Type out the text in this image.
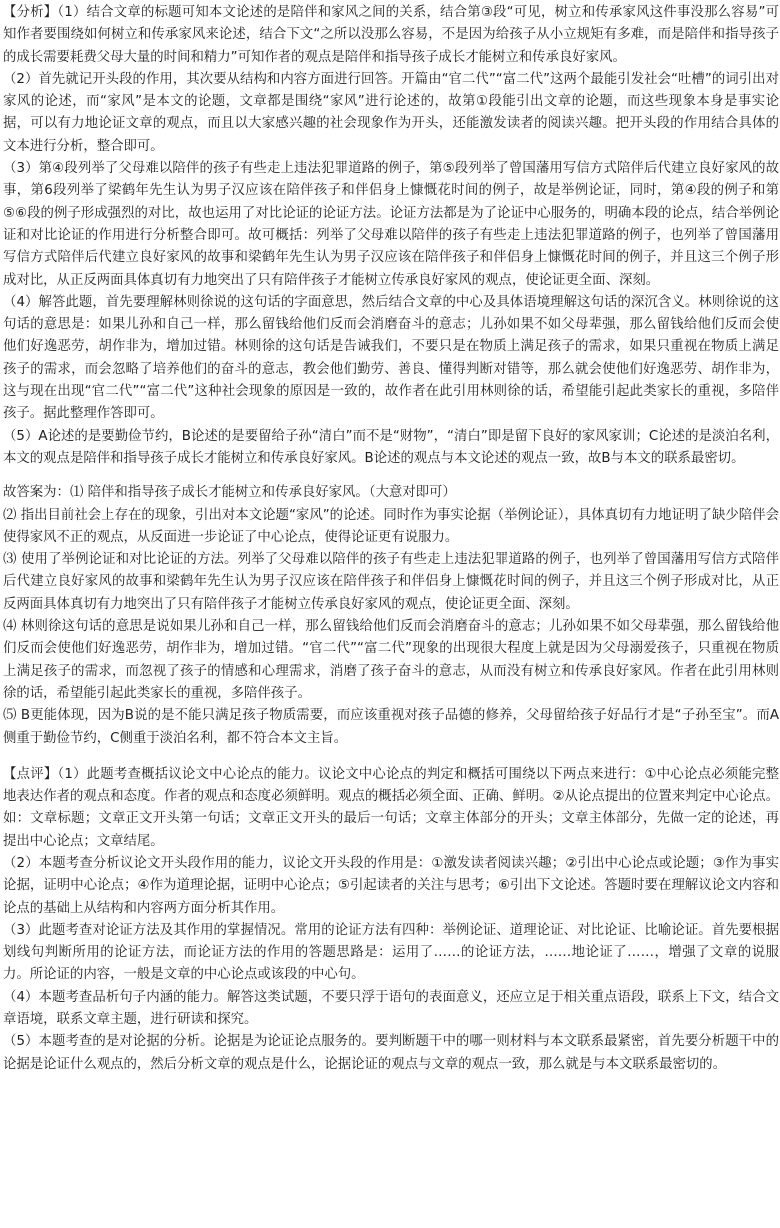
【分析】（1）结合文章的标题可知本文论述的是陪伴和家风之间的关系，结合第③段“可见，树立和传承家风这件事没那么容易”可知作者要围绕如何树立和传承家风来论述，结合下文“之所以没那么容易，不是因为给孩子从小立规矩有多难，而是陪伴和指导孩子的成长需要耗费父母大量的时间和精力”可知作者的观点是陪伴和指导孩子成长才能树立和传承良好家风。

（2）首先就记开头段的作用，其次要从结构和内容方面进行回答。开篇由“官二代”“富二代”这两个最能引发社会“吐槽”的词引出对家风的论述，而“家风”是本文的论题，文章都是围绕“家风”进行论述的，故第①段能引出文章的论题，而这些现象本身是事实论据，可以有力地论证文章的观点，而且以大家感兴趣的社会现象作为开头，还能激发读者的阅读兴趣。把开头段的作用结合具体的文本进行分析，整合即可。

（3）第④段列举了父母难以陪伴的孩子有些走上违法犯罪道路的例子，第⑤段列举了曾国藩用写信方式陪伴后代建立良好家风的故事，第6段列举了梁鹤年先生认为男子汉应该在陪伴孩子和伴侣身上慷慨花时间的例子，故是举例论证，同时，第④段的例子和第⑤⑥段的例子形成强烈的对比，故也运用了对比论证的论证方法。论证方法都是为了论证中心服务的，明确本段的论点，结合举例论证和对比论证的作用进行分析整合即可。故可概括：列举了父母难以陪伴的孩子有些走上违法犯罪道路的例子，也列举了曾国藩用写信方式陪伴后代建立良好家风的故事和梁鹤年先生认为男子汉应该在陪伴孩子和伴侣身上慷慨花时间的例子，并且这三个例子形成对比，从正反两面具体真切有力地突出了只有陪伴孩子才能树立传承良好家风的观点，使论证更全面、深刻。

（4）解答此题，首先要理解林则徐说的这句话的字面意思，然后结合文章的中心及具体语境理解这句话的深沉含义。林则徐说的这句话的意思是：如果儿孙和自己一样，那么留钱给他们反而会消磨奋斗的意志；儿孙如果不如父母辈强，那么留钱给他们反而会使他们好逸恶劳，胡作非为，增加过错。林则徐的这句话是告诫我们，不要只是在物质上满足孩子的需求，如果只重视在物质上满足孩子的需求，而会忽略了培养他们的奋斗的意志，教会他们勤劳、善良、懂得判断对错等，那么就会使他们好逸恶劳、胡作非为，这与现在出现“官二代”“富二代”这种社会现象的原因是一致的，故作者在此引用林则徐的话，希望能引起此类家长的重视，多陪伴孩子。据此整理作答即可。

（5）A论述的是要勤俭节约，B论述的是要留给子孙“清白”而不是“财物”，“清白”即是留下良好的家风家训；C论述的是淡泊名利，本文的观点是陪伴和指导孩子成长才能树立和传承良好家风。B论述的观点与本文论述的观点一致，故B与本文的联系最密切。

故答案为：⑴ 陪伴和指导孩子成长才能树立和传承良好家风。（大意对即可）

⑵ 指出目前社会上存在的现象，引出对本文论题“家风”的论述。同时作为事实论据（举例论证），具体真切有力地证明了缺少陪伴会使得家风不正的观点，从反面进一步论证了中心论点，使得论证更有说服力。

⑶ 使用了举例论证和对比论证的方法。列举了父母难以陪伴的孩子有些走上违法犯罪道路的例子，也列举了曾国藩用写信方式陪伴后代建立良好家风的故事和梁鹤年先生认为男子汉应该在陪伴孩子和伴侣身上慷慨花时间的例子，并且这三个例子形成对比，从正反两面具体真切有力地突出了只有陪伴孩子才能树立传承良好家风的观点，使论证更全面、深刻。

⑷ 林则徐这句话的意思是说如果儿孙和自己一样，那么留钱给他们反而会消磨奋斗的意志；儿孙如果不如父母辈强，那么留钱给他们反而会使他们好逸恶劳，胡作非为，增加过错。“官二代”“富二代”现象的出现很大程度上就是因为父母溺爱孩子，只重视在物质上满足孩子的需求，而忽视了孩子的情感和心理需求，消磨了孩子奋斗的意志，从而没有树立和传承良好家风。作者在此引用林则徐的话，希望能引起此类家长的重视，多陪伴孩子。

⑸ B更能体现，因为B说的是不能只满足孩子物质需要，而应该重视对孩子品德的修养，父母留给孩子好品行才是“子孙至宝”。而A侧重于勤俭节约，C侧重于淡泊名利，都不符合本文主旨。

【点评】（1）此题考查概括议论文中心论点的能力。议论文中心论点的判定和概括可围绕以下两点来进行：①中心论点必须能完整地表达作者的观点和态度。作者的观点和态度必须鲜明。观点的概括必须全面、正确、鲜明。②从论点提出的位置来判定中心论点。如：文章标题；文章正文开头第一句话；文章正文开头的最后一句话；文章主体部分的开头；文章主体部分，先做一定的论述，再提出中心论点；文章结尾。

（2）本题考查分析议论文开头段作用的能力，议论文开头段的作用是：①激发读者阅读兴趣；②引出中心论点或论题；③作为事实论据，证明中心论点；④作为道理论据，证明中心论点；⑤引起读者的关注与思考；⑥引出下文论述。答题时要在理解议论文内容和论点的基础上从结构和内容两方面分析其作用。

（3）此题考查对论证方法及其作用的掌握情况。常用的论证方法有四种：举例论证、道理论证、对比论证、比喻论证。首先要根据划线句判断所用的论证方法，而论证方法的作用的答题思路是：运用了……的论证方法，……地论证了……，增强了文章的说服力。所论证的内容，一般是文章的中心论点或该段的中心句。

（4）本题考查品析句子内涵的能力。解答这类试题，不要只浮于语句的表面意义，还应立足于相关重点语段，联系上下文，结合文章语境，联系文章主题，进行研读和探究。

（5）本题考查的是对论据的分析。论据是为论证论点服务的。要判断题干中的哪一则材料与本文联系最紧密，首先要分析题干中的论据是论证什么观点的，然后分析文章的观点是什么，论据论证的观点与文章的观点一致，那么就是与本文联系最密切的。
